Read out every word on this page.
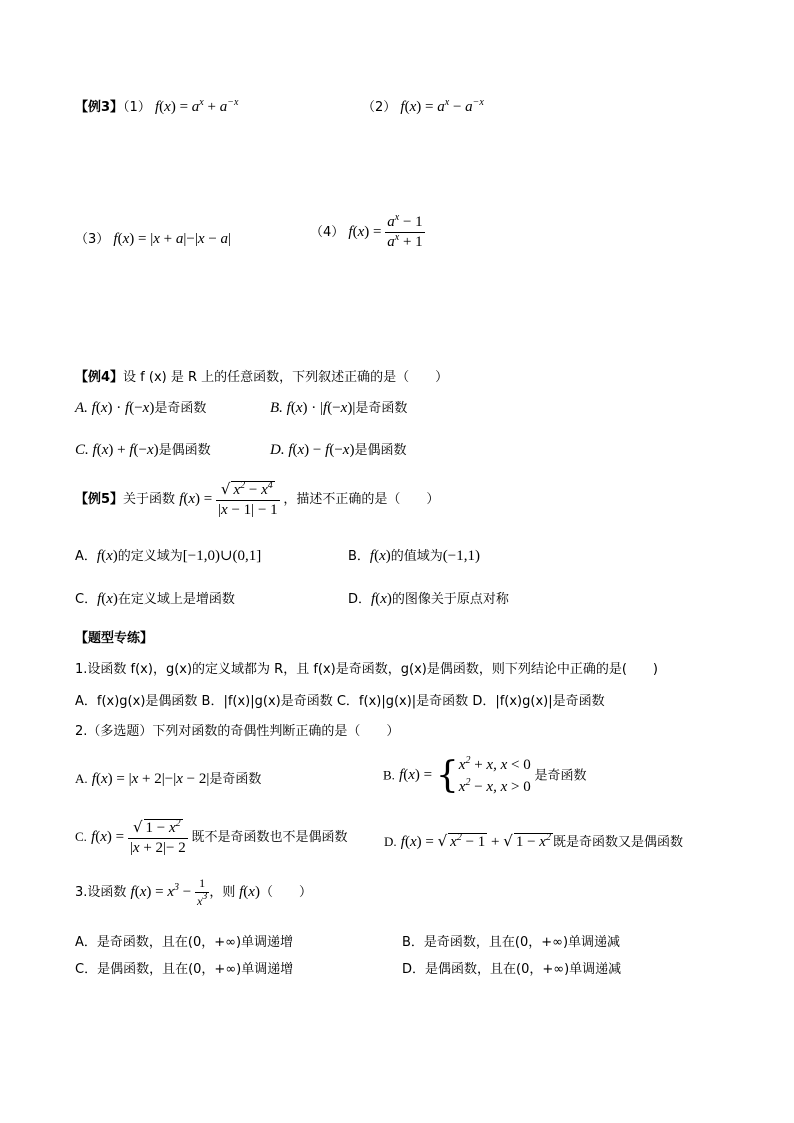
【例3】（1） $f(x) = a^x + a^{-x}$	（2） $f(x) = a^x - a^{-x}$
（3） f(x) = |x + a|−|x − a|	（4） $f(x) = \frac{a^x - 1}{a^x + 1}$
【例4】设 f (x) 是 R 上的任意函数，下列叙述正确的是（　　）
A. f(x) · f(−x)是奇函数	B. f(x) · |f(−x)|是奇函数
C. f(x) + f(−x)是偶函数	D. f(x) − f(−x)是偶函数
【例5】关于函数 $f(x) = \frac{√ x^2 - x^4}{|x - 1| - 1}$ ，描述不正确的是（　　）
A．f(x)的定义域为[−1,0)∪(0,1]	B．f(x)的值域为(−1,1)
C．f(x)在定义域上是增函数	D．f(x)的图像关于原点对称
【题型专练】
1.设函数 f(x)，g(x)的定义域都为 R，且 f(x)是奇函数，g(x)是偶函数，则下列结论中正确的是(　　)
A．f(x)g(x)是偶函数 B．|f(x)|g(x)是奇函数 C．f(x)|g(x)|是奇函数 D．|f(x)g(x)|是奇函数
2.（多选题）下列对函数的奇偶性判断正确的是（　　）
A. f(x) = |x + 2|−|x − 2|是奇函数	B. f(x) = { $x^2 + x$, x < 0
$x^2 - x$, x > 0
是奇函数
C. $f(x) = \frac{√ 1 - x^2}{|x + 2|- 2}$ 既不是奇函数也不是偶函数	D. f(x) = √ $x^2 - 1$ + √ $1 - x^2$ 既是奇函数又是偶函数
3.设函数 $f(x) = x^3 - \frac{1}{x^3}$ ，则 f(x)（　　）
A．是奇函数，且在(0，+∞)单调递增	B．是奇函数，且在(0，+∞)单调递减
C．是偶函数，且在(0，+∞)单调递增	D．是偶函数，且在(0，+∞)单调递减
